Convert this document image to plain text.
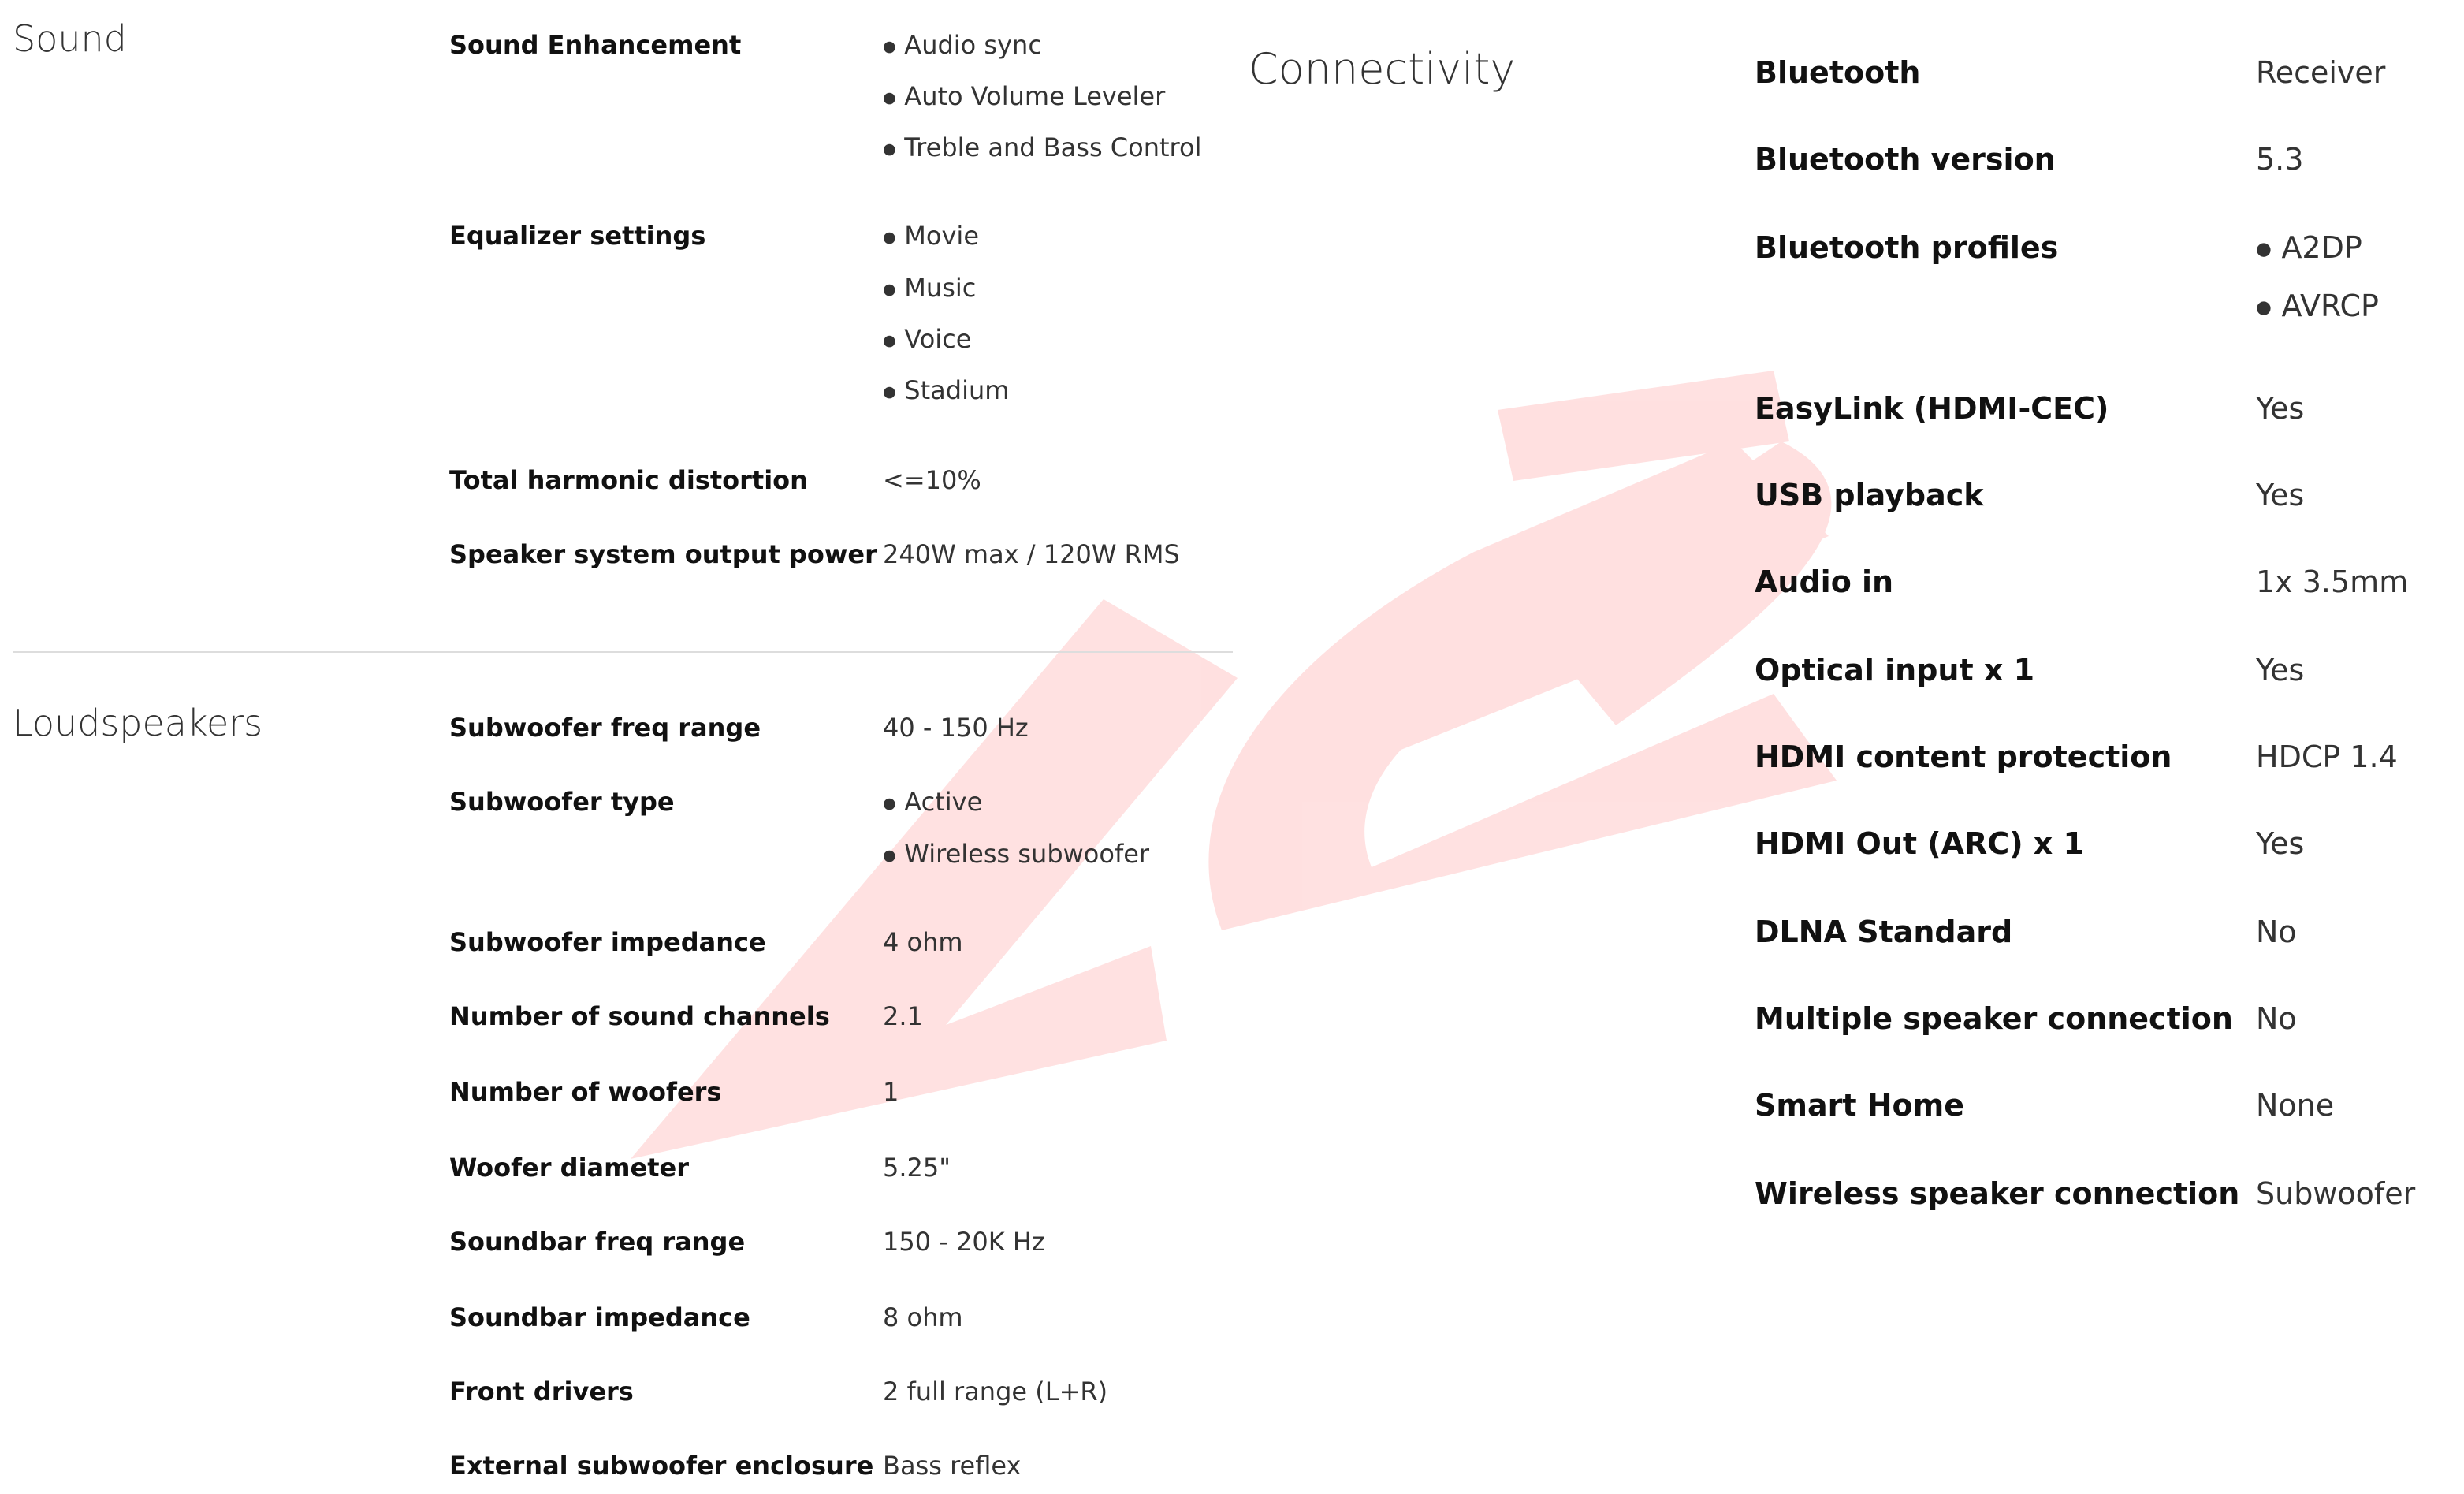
Sound	Sound Enhancement	● Audio sync
● Auto Volume Leveler
● Treble and Bass Control
Equalizer settings	● Movie
● Music
● Voice
● Stadium
Total harmonic distortion	<=10%
Speaker system output power 240W max / 120W RMS
Loudspeakers	Subwoofer freq range	40 - 150 Hz
Subwoofer type	● Active
● Wireless subwoofer
Subwoofer impedance	4 ohm
Number of sound channels 2.1
Number of woofers	1
Woofer diameter	5.25"
Soundbar freq range	150 - 20K Hz
Soundbar impedance	8 ohm
Front drivers	2 full range (L+R)
External subwoofer enclosure Bass reflex
Connectivity	Bluetooth	Receiver
Bluetooth version	5.3
Bluetooth profiles	● A2DP
● AVRCP
EasyLink (HDMI-CEC)	Yes
USB playback	Yes
Audio in	1x 3.5mm
Optical input x 1	Yes
HDMI content protection	HDCP 1.4
HDMI Out (ARC) x 1	Yes
DLNA Standard	No
Multiple speaker connection No
Smart Home	None
Wireless speaker connection Subwoofer
